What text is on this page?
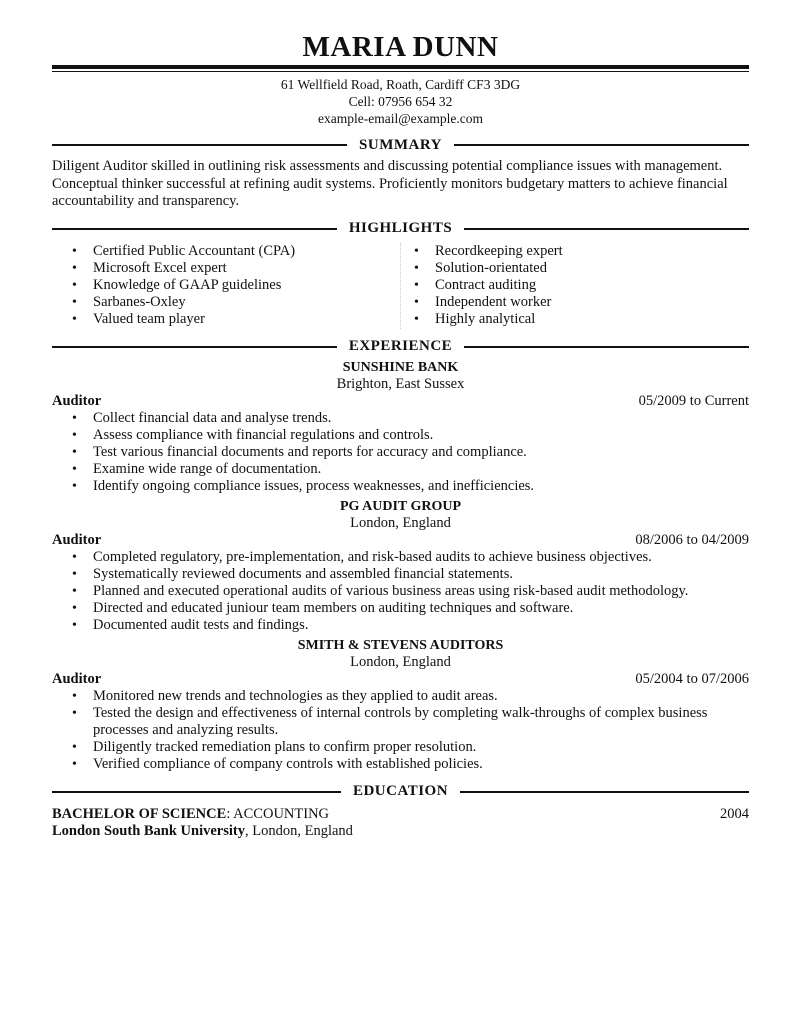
MARIA DUNN
61 Wellfield Road, Roath, Cardiff CF3 3DG
Cell: 07956 654 32
example-email@example.com
SUMMARY
Diligent Auditor skilled in outlining risk assessments and discussing potential compliance issues with management. Conceptual thinker successful at refining audit systems. Proficiently monitors budgetary matters to achieve financial accountability and transparency.
HIGHLIGHTS
• Certified Public Accountant (CPA)
• Microsoft Excel expert
• Knowledge of GAAP guidelines
• Sarbanes-Oxley
• Valued team player
• Recordkeeping expert
• Solution-orientated
• Contract auditing
• Independent worker
• Highly analytical
EXPERIENCE
SUNSHINE BANK
Brighton, East Sussex
Auditor	05/2009 to Current
• Collect financial data and analyse trends.
• Assess compliance with financial regulations and controls.
• Test various financial documents and reports for accuracy and compliance.
• Examine wide range of documentation.
• Identify ongoing compliance issues, process weaknesses, and inefficiencies.
PG AUDIT GROUP
London, England
Auditor	08/2006 to 04/2009
• Completed regulatory, pre-implementation, and risk-based audits to achieve business objectives.
• Systematically reviewed documents and assembled financial statements.
• Planned and executed operational audits of various business areas using risk-based audit methodology.
• Directed and educated juniour team members on auditing techniques and software.
• Documented audit tests and findings.
SMITH & STEVENS AUDITORS
London, England
Auditor	05/2004 to 07/2006
• Monitored new trends and technologies as they applied to audit areas.
• Tested the design and effectiveness of internal controls by completing walk-throughs of complex business processes and analyzing results.
• Diligently tracked remediation plans to confirm proper resolution.
• Verified compliance of company controls with established policies.
EDUCATION
BACHELOR OF SCIENCE: ACCOUNTING	2004
London South Bank University, London, England
